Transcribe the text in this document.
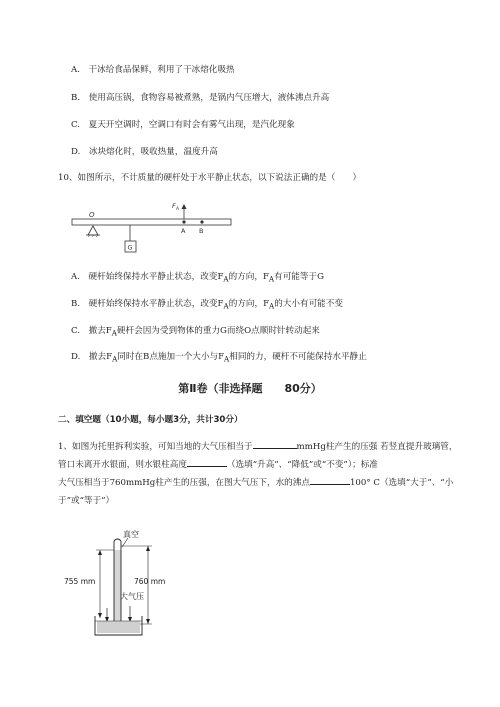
A.　干冰给食品保鲜，利用了干冰熔化吸热
B.　使用高压锅，食物容易被煮熟，是锅内气压增大，液体沸点升高
C.　夏天开空调时，空调口有时会有雾气出现，是汽化现象
D.　冰块熔化时，吸收热量，温度升高
10、如图所示，不计质量的硬杆处于水平静止状态，以下说法正确的是（　　）
O
F A
A B
G
A.　硬杆始终保持水平静止状态，改变$F_A$的方向，$F_A$有可能等于G
B.　硬杆始终保持水平静止状态，改变$F_A$的方向，$F_A$的大小有可能不变
C.　撤去$F_A$硬杆会因为受到物体的重力G而绕O点顺时针转动起来
D.　撤去$F_A$同时在B点施加一个大小与$F_A$相同的力，硬杆不可能保持水平静止
第Ⅱ卷（非选择题　　80分）
二、填空题（10小题，每小题3分，共计30分）
1、如图为托里拆利实验，可知当地的大气压相当于	mmHg柱产生的压强 若竖直提升玻璃管，
管口未离开水银面，则水银柱高度	（选填“升高”、“降低”或“不变”）；标准
大气压相当于760mmHg柱产生的压强，在图大气压下，水的沸点	100° C（选填“大于”、“小
于”或“等于”）
真空
755 mm	760 mm
大气压
